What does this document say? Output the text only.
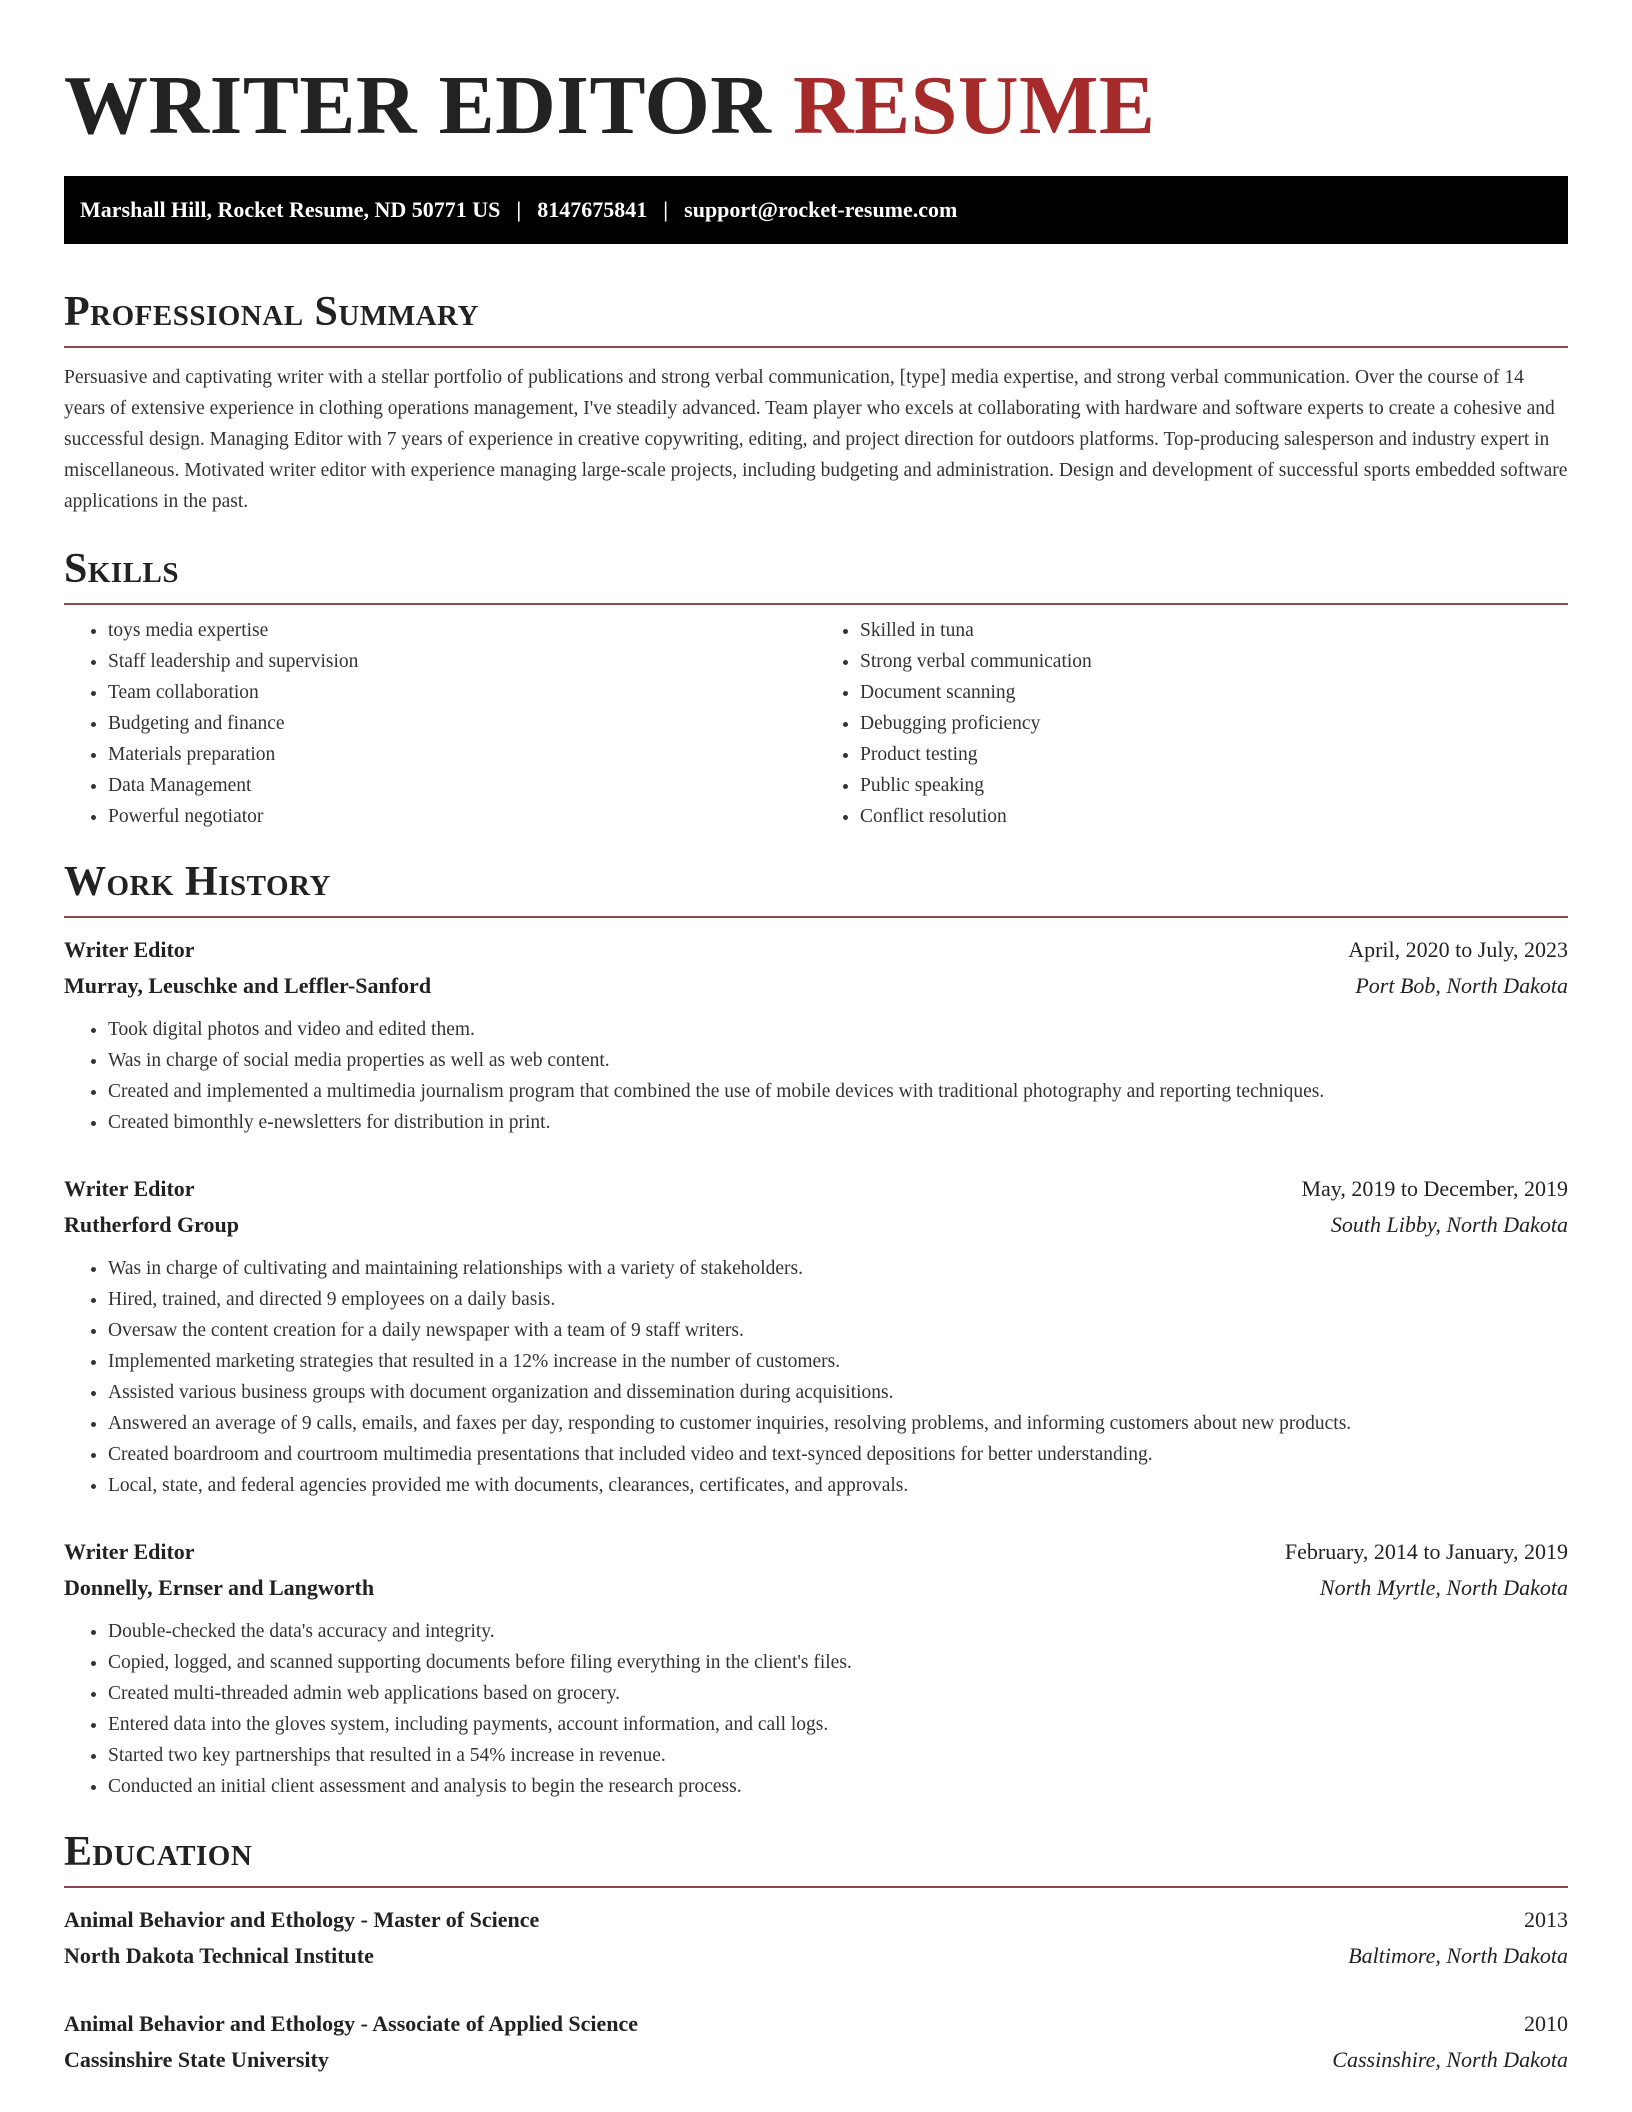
WRITER EDITOR RESUME
Marshall Hill, Rocket Resume, ND 50771 US | 8147675841 | support@rocket-resume.com
Professional Summary

Persuasive and captivating writer with a stellar portfolio of publications and strong verbal communication, [type] media expertise, and strong verbal communication. Over the course of 14 years of extensive experience in clothing operations management, I've steadily advanced. Team player who excels at collaborating with hardware and software experts to create a cohesive and successful design. Managing Editor with 7 years of experience in creative copywriting, editing, and project direction for outdoors platforms. Top-producing salesperson and industry expert in miscellaneous. Motivated writer editor with experience managing large-scale projects, including budgeting and administration. Design and development of successful sports embedded software applications in the past.

Skills
• toys media expertise
• Staff leadership and supervision
• Team collaboration
• Budgeting and finance
• Materials preparation
• Data Management
• Powerful negotiator
• Skilled in tuna
• Strong verbal communication
• Document scanning
• Debugging proficiency
• Product testing
• Public speaking
• Conflict resolution
Work History
Writer Editor	April, 2020 to July, 2023
Murray, Leuschke and Leffler-Sanford	Port Bob, North Dakota
• Took digital photos and video and edited them.
• Was in charge of social media properties as well as web content.
• Created and implemented a multimedia journalism program that combined the use of mobile devices with traditional photography and reporting techniques.
• Created bimonthly e-newsletters for distribution in print.
Writer Editor	May, 2019 to December, 2019
Rutherford Group	South Libby, North Dakota
• Was in charge of cultivating and maintaining relationships with a variety of stakeholders.
• Hired, trained, and directed 9 employees on a daily basis.
• Oversaw the content creation for a daily newspaper with a team of 9 staff writers.
• Implemented marketing strategies that resulted in a 12% increase in the number of customers.
• Assisted various business groups with document organization and dissemination during acquisitions.
• Answered an average of 9 calls, emails, and faxes per day, responding to customer inquiries, resolving problems, and informing customers about new products.
• Created boardroom and courtroom multimedia presentations that included video and text-synced depositions for better understanding.
• Local, state, and federal agencies provided me with documents, clearances, certificates, and approvals.
Writer Editor	February, 2014 to January, 2019
Donnelly, Ernser and Langworth	North Myrtle, North Dakota
• Double-checked the data's accuracy and integrity.
• Copied, logged, and scanned supporting documents before filing everything in the client's files.
• Created multi-threaded admin web applications based on grocery.
• Entered data into the gloves system, including payments, account information, and call logs.
• Started two key partnerships that resulted in a 54% increase in revenue.
• Conducted an initial client assessment and analysis to begin the research process.
Education
Animal Behavior and Ethology - Master of Science	2013
North Dakota Technical Institute	Baltimore, North Dakota
Animal Behavior and Ethology - Associate of Applied Science	2010
Cassinshire State University	Cassinshire, North Dakota
